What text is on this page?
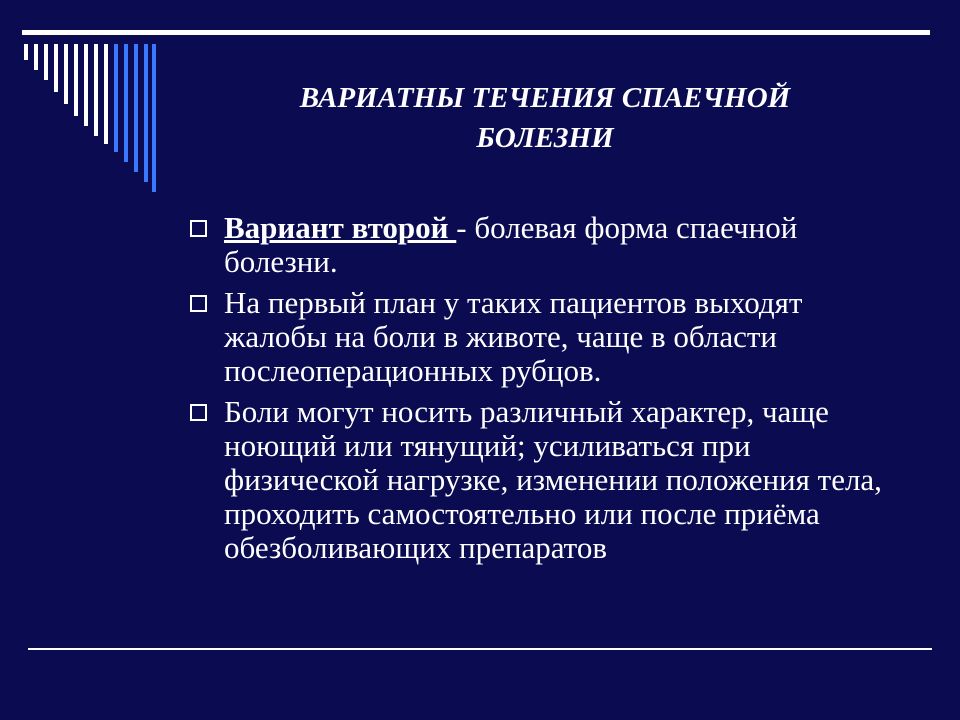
ВАРИАТНЫ ТЕЧЕНИЯ СПАЕЧНОЙ
БОЛЕЗНИ
Вариант второй - болевая форма спаечной болезни.
На первый план у таких пациентов выходят жалобы на боли в животе, чаще в области послеоперационных рубцов.
Боли могут носить различный характер, чаще ноющий или тянущий; усиливаться при физической нагрузке, изменении положения тела, проходить самостоятельно или после приёма обезболивающих препаратов
